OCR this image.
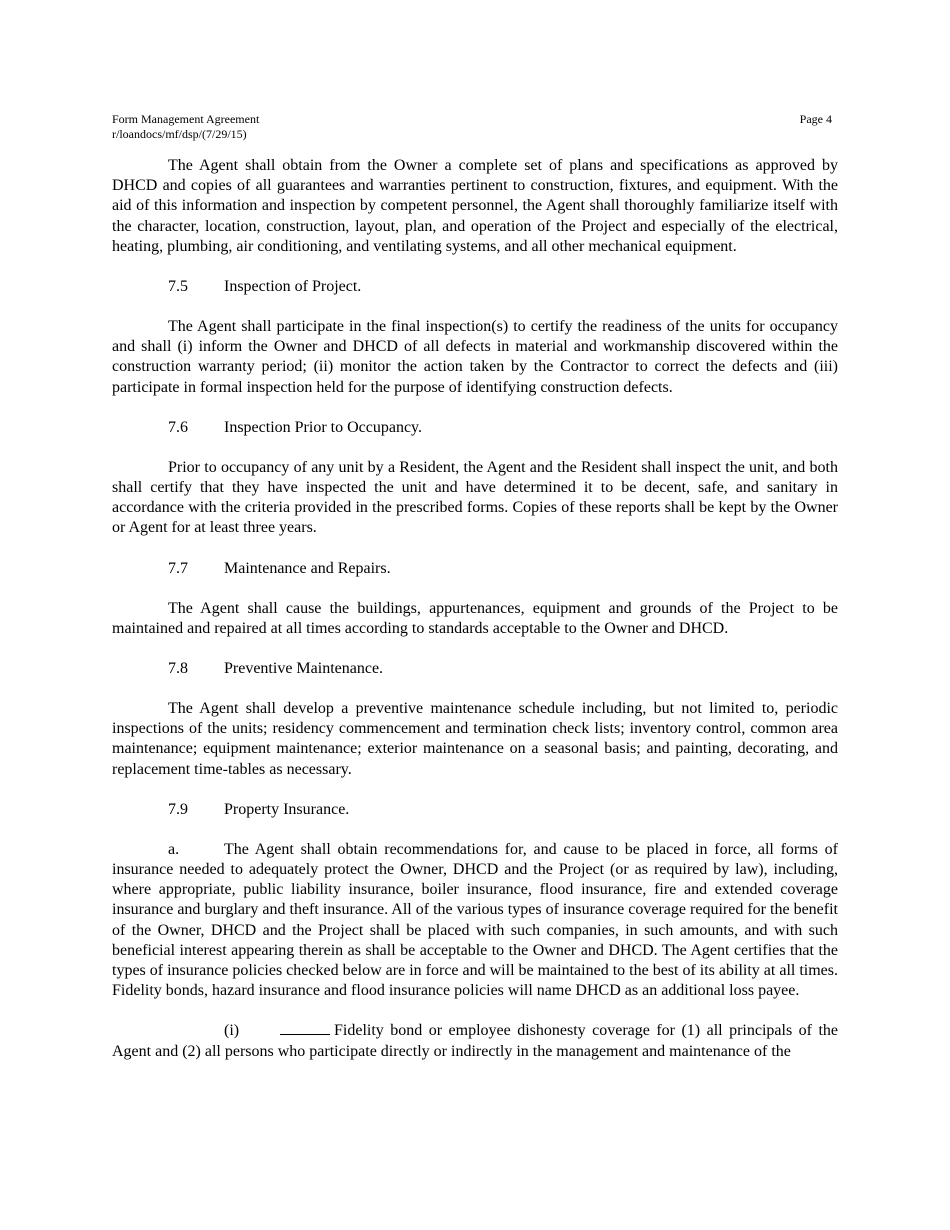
Form Management Agreement
r/loandocs/mf/dsp/(7/29/15)
Page 4

The Agent shall obtain from the Owner a complete set of plans and specifications as approved by DHCD and copies of all guarantees and warranties pertinent to construction, fixtures, and equipment. With the aid of this information and inspection by competent personnel, the Agent shall thoroughly familiarize itself with the character, location, construction, layout, plan, and operation of the Project and especially of the electrical, heating, plumbing, air conditioning, and ventilating systems, and all other mechanical equipment.

7.5 Inspection of Project.

The Agent shall participate in the final inspection(s) to certify the readiness of the units for occupancy and shall (i) inform the Owner and DHCD of all defects in material and workmanship discovered within the construction warranty period; (ii) monitor the action taken by the Contractor to correct the defects and (iii) participate in formal inspection held for the purpose of identifying construction defects.

7.6 Inspection Prior to Occupancy.

Prior to occupancy of any unit by a Resident, the Agent and the Resident shall inspect the unit, and both shall certify that they have inspected the unit and have determined it to be decent, safe, and sanitary in accordance with the criteria provided in the prescribed forms. Copies of these reports shall be kept by the Owner or Agent for at least three years.

7.7 Maintenance and Repairs.

The Agent shall cause the buildings, appurtenances, equipment and grounds of the Project to be maintained and repaired at all times according to standards acceptable to the Owner and DHCD.

7.8 Preventive Maintenance.

The Agent shall develop a preventive maintenance schedule including, but not limited to, periodic inspections of the units; residency commencement and termination check lists; inventory control, common area maintenance; equipment maintenance; exterior maintenance on a seasonal basis; and painting, decorating, and replacement time-tables as necessary.

7.9 Property Insurance.

a.	The Agent shall obtain recommendations for, and cause to be placed in force, all forms of insurance needed to adequately protect the Owner, DHCD and the Project (or as required by law), including, where appropriate, public liability insurance, boiler insurance, flood insurance, fire and extended coverage insurance and burglary and theft insurance. All of the various types of insurance coverage required for the benefit of the Owner, DHCD and the Project shall be placed with such companies, in such amounts, and with such beneficial interest appearing therein as shall be acceptable to the Owner and DHCD. The Agent certifies that the types of insurance policies checked below are in force and will be maintained to the best of its ability at all times. Fidelity bonds, hazard insurance and flood insurance policies will name DHCD as an additional loss payee.

(i)	Fidelity bond or employee dishonesty coverage for (1) all principals of the Agent and (2) all persons who participate directly or indirectly in the management and maintenance of the
